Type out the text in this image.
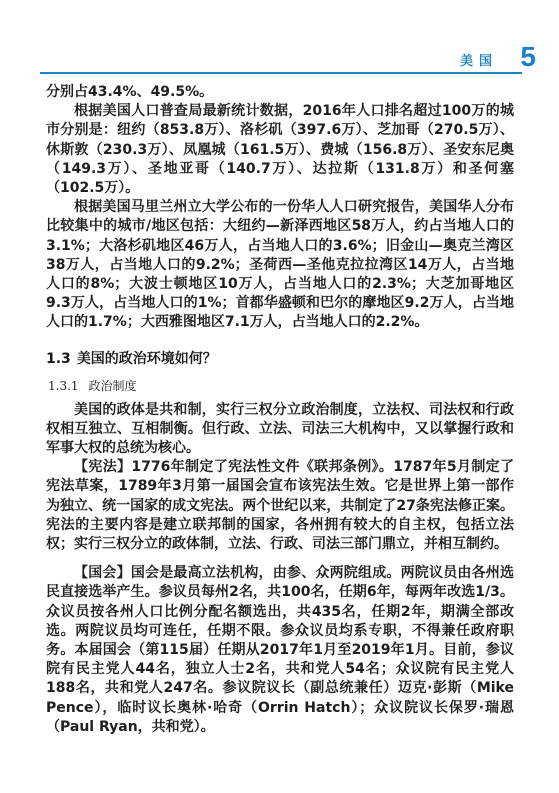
美国 5

分别占43.4%、49.5%。

根据美国人口普查局最新统计数据，2016年人口排名超过100万的城市分别是：纽约（853.8万）、洛杉矶（397.6万）、芝加哥（270.5万）、休斯敦（230.3万）、凤凰城（161.5万）、费城（156.8万）、圣安东尼奥（149.3万）、圣地亚哥（140.7万）、达拉斯（131.8万）和圣何塞（102.5万）。

根据美国马里兰州立大学公布的一份华人人口研究报告，美国华人分布比较集中的城市/地区包括：大纽约—新泽西地区58万人，约占当地人口的3.1%；大洛杉矶地区46万人，占当地人口的3.6%；旧金山—奥克兰湾区38万人，占当地人口的9.2%；圣荷西—圣他克拉拉湾区14万人，占当地人口的8%；大波士顿地区10万人，占当地人口的2.3%；大芝加哥地区9.3万人，占当地人口的1%；首都华盛顿和巴尔的摩地区9.2万人，占当地人口的1.7%；大西雅图地区7.1万人，占当地人口的2.2%。

1.3 美国的政治环境如何？
1.3.1 政治制度

美国的政体是共和制，实行三权分立政治制度，立法权、司法权和行政权相互独立、互相制衡。但行政、立法、司法三大机构中，又以掌握行政和军事大权的总统为核心。

【宪法】1776年制定了宪法性文件《联邦条例》。1787年5月制定了宪法草案，1789年3月第一届国会宣布该宪法生效。它是世界上第一部作为独立、统一国家的成文宪法。两个世纪以来，共制定了27条宪法修正案。宪法的主要内容是建立联邦制的国家，各州拥有较大的自主权，包括立法权；实行三权分立的政体制，立法、行政、司法三部门鼎立，并相互制约。

【国会】国会是最高立法机构，由参、众两院组成。两院议员由各州选民直接选举产生。参议员每州2名，共100名，任期6年，每两年改选1/3。众议员按各州人口比例分配名额选出，共435名，任期2年，期满全部改选。两院议员均可连任，任期不限。参众议员均系专职，不得兼任政府职务。本届国会（第115届）任期从2017年1月至2019年1月。目前，参议院有民主党人44名，独立人士2名，共和党人54名；众议院有民主党人188名，共和党人247名。参议院议长（副总统兼任）迈克·彭斯（Mike Pence），临时议长奥林·哈奇（Orrin Hatch）；众议院议长保罗·瑞恩（Paul Ryan，共和党）。
